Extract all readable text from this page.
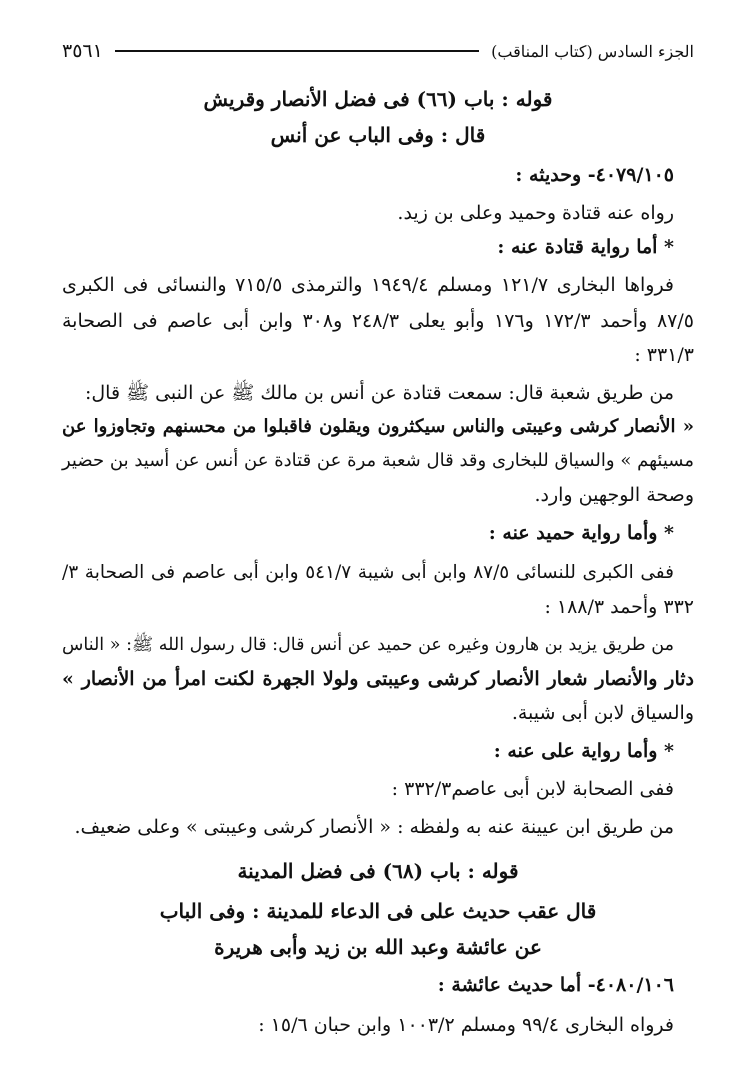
الجزء السادس (كتاب المناقب)
٣٥٦١
قوله : باب (٦٦) فى فضل الأنصار وقريش
قال : وفى الباب عن أنس
٤٠٧٩/١٠٥- وحديثه :
رواه عنه قتادة وحميد وعلى بن زيد.
* أما رواية قتادة عنه :
فرواها البخارى ١٢١/٧ ومسلم ١٩٤٩/٤ والترمذى ٧١٥/٥ والنسائى فى الكبرى
٨٧/٥ وأحمد ١٧٢/٣ و١٧٦ وأبو يعلى ٢٤٨/٣ و٣٠٨ وابن أبى عاصم فى الصحابة
٣٣١/٣ :
من طريق شعبة قال: سمعت قتادة عن أنس بن مالك ﷺ عن النبى ﷺ قال:
« الأنصار كرشى وعيبتى والناس سيكثرون ويقلون فاقبلوا من محسنهم وتجاوزوا عن
مسيئهم » والسياق للبخارى وقد قال شعبة مرة عن قتادة عن أنس عن أسيد بن حضير
وصحة الوجهين وارد.
* وأما رواية حميد عنه :
ففى الكبرى للنسائى ٨٧/٥ وابن أبى شيبة ٥٤١/٧ وابن أبى عاصم فى الصحابة ٣/
٣٣٢ وأحمد ١٨٨/٣ :
من طريق يزيد بن هارون وغيره عن حميد عن أنس قال: قال رسول الله ﷺ: « الناس
دثار والأنصار شعار الأنصار كرشى وعيبتى ولولا الجهرة لكنت امرأ من الأنصار »
والسياق لابن أبى شيبة.
* وأما رواية على عنه :
ففى الصحابة لابن أبى عاصم٣٣٢/٣ :
من طريق ابن عيينة عنه به ولفظه : « الأنصار كرشى وعيبتى » وعلى ضعيف.
قوله : باب (٦٨) فى فضل المدينة
قال عقب حديث على فى الدعاء للمدينة : وفى الباب
عن عائشة وعبد الله بن زيد وأبى هريرة
٤٠٨٠/١٠٦- أما حديث عائشة :
فرواه البخارى ٩٩/٤ ومسلم ١٠٠٣/٢ وابن حبان ١٥/٦ :
